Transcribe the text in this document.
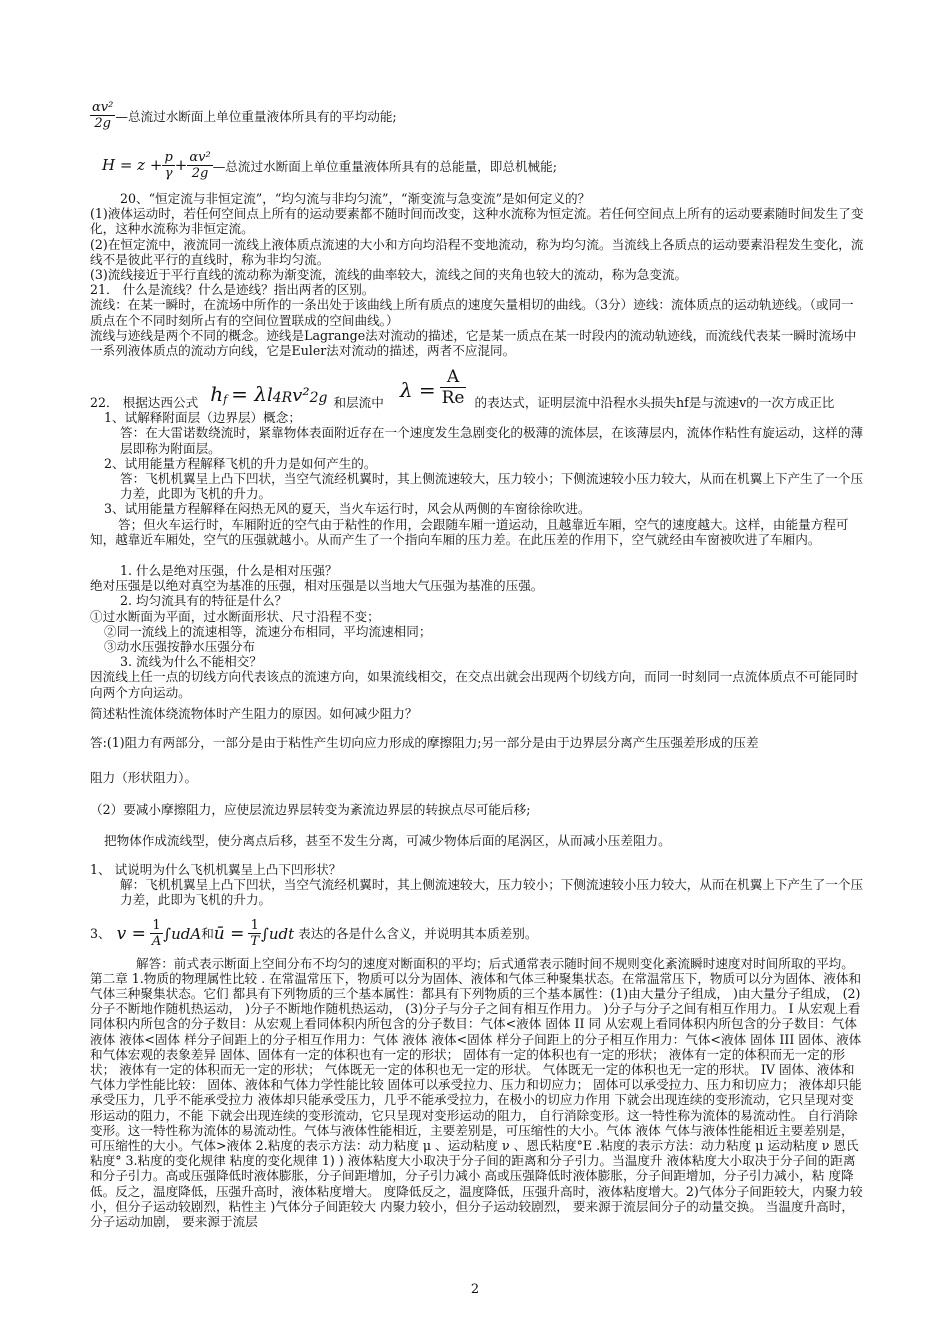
$\frac{\text{αv²}}{2g}$ —总流过水断面上单位重量液体所具有的平均动能;
$H = z + \frac{p}{\gamma} + \frac{\text{αv²}}{2g}$ —总流过水断面上单位重量液体所具有的总能量，即总机械能;

20、“恒定流与非恒定流”，“均匀流与非均匀流”，“渐变流与急变流”是如何定义的？

(1)液体运动时，若任何空间点上所有的运动要素都不随时间而改变，这种水流称为恒定流。若任何空间点上所有的运动要素随时间发生了变化，这种水流称为非恒定流。

(2)在恒定流中，液流同一流线上液体质点流速的大小和方向均沿程不变地流动，称为均匀流。当流线上各质点的运动要素沿程发生变化，流线不是彼此平行的直线时，称为非均匀流。

(3)流线接近于平行直线的流动称为渐变流，流线的曲率较大，流线之间的夹角也较大的流动，称为急变流。

21． 什么是流线？什么是迹线？指出两者的区别。

流线：在某一瞬时，在流场中所作的一条出处于该曲线上所有质点的速度矢量相切的曲线。（3分）迹线：流体质点的运动轨迹线。（或同一质点在个不同时刻所占有的空间位置联成的空间曲线。）

流线与迹线是两个不同的概念。迹线是Lagrange法对流动的描述，它是某一质点在某一时段内的流动轨迹线，而流线代表某一瞬时流场中一系列液体质点的流动方向线，它是Euler法对流动的描述，两者不应混同。

22． 根据达西公式 $h_f = \lambda$ l 4R v² 2g 和层流中
$\lambda = \frac{A}{Re}$ 的表达式，证明层流中沿程水头损失hf是与流速v的一次方成正比

1、试解释附面层（边界层）概念；

答：在大雷诺数绕流时，紧靠物体表面附近存在一个速度发生急剧变化的极薄的流体层，在该薄层内，流体作粘性有旋运动，这样的薄层即称为附面层。

2、试用能量方程解释飞机的升力是如何产生的。

答：飞机机翼呈上凸下凹状，当空气流经机翼时，其上侧流速较大，压力较小；下侧流速较小压力较大，从而在机翼上下产生了一个压力差，此即为飞机的升力。

3、试用能量方程解释在闷热无风的夏天，当火车运行时，风会从两侧的车窗徐徐吹进。

答；但火车运行时，车厢附近的空气由于粘性的作用，会跟随车厢一道运动，且越靠近车厢，空气的速度越大。这样，由能量方程可知，越靠近车厢处，空气的压强就越小。从而产生了一个指向车厢的压力差。在此压差的作用下，空气就经由车窗被吹进了车厢内。

1. 什么是绝对压强，什么是相对压强？

绝对压强是以绝对真空为基准的压强，相对压强是以当地大气压强为基准的压强。

2. 均匀流具有的特征是什么？

①过水断面为平面，过水断面形状、尺寸沿程不变；

②同一流线上的流速相等，流速分布相同，平均流速相同；

③动水压强按静水压强分布

3. 流线为什么不能相交？

因流线上任一点的切线方向代表该点的流速方向，如果流线相交，在交点出就会出现两个切线方向，而同一时刻同一点流体质点不可能同时向两个方向运动。

简述粘性流体绕流物体时产生阻力的原因。如何减少阻力？

答:(1)阻力有两部分，一部分是由于粘性产生切向应力形成的摩擦阻力;另一部分是由于边界层分离产生压强差形成的压差

阻力（形状阻力）。

（2）要减小摩擦阻力，应使层流边界层转变为紊流边界层的转捩点尽可能后移;

把物体作成流线型，使分离点后移，甚至不发生分离，可减少物体后面的尾涡区，从而减小压差阻力。

1、 试说明为什么飞机机翼呈上凸下凹形状？

解：飞机机翼呈上凸下凹状，当空气流经机翼时，其上侧流速较大，压力较小；下侧流速较小压力较大，从而在机翼上下产生了一个压力差，此即为飞机的升力。

3、 $v = \frac{1}{A} \int udA$ 和 ū = $\frac{1}{T} \int udt$ 表达的各是什么含义，并说明其本质差别。

解答：前式表示断面上空间分布不均匀的速度对断面积的平均；后式通常表示随时间不规则变化紊流瞬时速度对时间所取的平均。

第二章 1.物质的物理属性比较 . 在常温常压下，物质可以分为固体、液体和气体三种聚集状态。在常温常压下，物质可以分为固体、液体和气体三种聚集状态。它们 都具有下列物质的三个基本属性：都具有下列物质的三个基本属性：(1)由大量分子组成， )由大量分子组成， (2)分子不断地作随机热运动， )分子不断地作随机热运动， (3)分子与分子之间有相互作用力。 )分子与分子之间有相互作用力。 I 从宏观上看同体积内所包含的分子数目：从宏观上看同体积内所包含的分子数目：气体<液体 固体 II 同 从宏观上看同体积内所包含的分子数目：气体 液体 液体<固体 样分子间距上的分子相互作用力：气体 液体 液体<固体 样分子间距上的分子相互作用力：气体<液体 固体 III 固体、液体和气体宏观的表象差异 固体、固体有一定的体积也有一定的形状； 固体有一定的体积也有一定的形状； 液体有一定的体积而无一定的形状； 液体有一定的体积而无一定的形状； 气体既无一定的体积也无一定的形状。 气体既无一定的体积也无一定的形状。 IV 固体、液体和气体力学性能比较： 固体、液体和气体力学性能比较 固体可以承受拉力、压力和切应力； 固体可以承受拉力、压力和切应力； 液体却只能承受压力，几乎不能承受拉力 液体却只能承受压力，几乎不能承受拉力，在极小的切应力作用 下就会出现连续的变形流动，它只呈现对变形运动的阻力，不能 下就会出现连续的变形流动，它只呈现对变形运动的阻力， 自行消除变形。这一特性称为流体的易流动性。 自行消除变形。这一特性称为流体的易流动性。气体与液体性能相近，主要差别是，可压缩性的大小。气体 液体 气体与液体性能相近主要差别是，可压缩性的大小。气体>液体 2.粘度的表示方法：动力粘度 μ 、运动粘度 ν 、恩氏粘度°E .粘度的表示方法：动力粘度 μ 运动粘度 ν 恩氏粘度° 3.粘度的变化规律 粘度的变化规律 1) ) 液体粘度大小取决于分子间的距离和分子引力。当温度升 液体粘度大小取决于分子间的距离和分子引力。高或压强降低时液体膨胀，分子间距增加，分子引力减小 高或压强降低时液体膨胀，分子间距增加，分子引力减小，粘 度降低。反之，温度降低，压强升高时，液体粘度增大。 度降低反之，温度降低，压强升高时，液体粘度增大。2)气体分子间距较大，内聚力较小，但分子运动较剧烈，粘性主 )气体分子间距较大 内聚力较小，但分子运动较剧烈， 要来源于流层间分子的动量交换。 当温度升高时， 分子运动加剧， 要来源于流层

2
